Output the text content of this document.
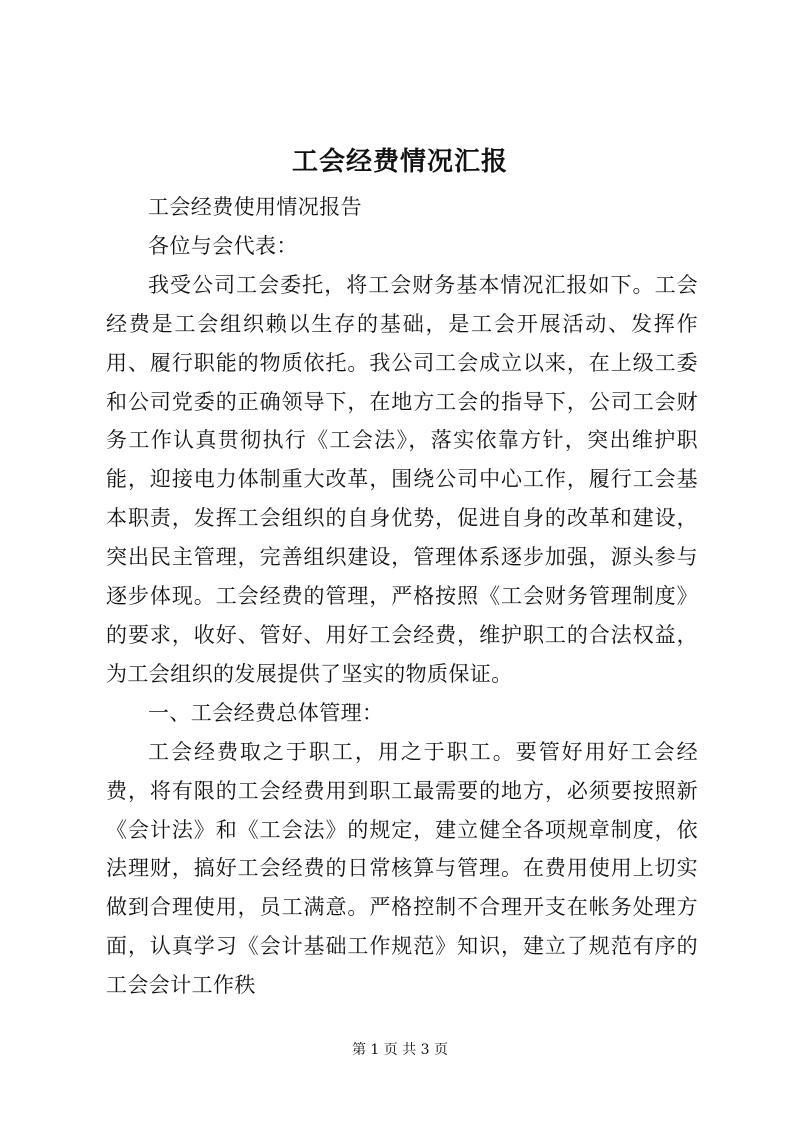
工会经费情况汇报

工会经费使用情况报告

各位与会代表：

我受公司工会委托，将工会财务基本情况汇报如下。工会经费是工会组织赖以生存的基础，是工会开展活动、发挥作用、履行职能的物质依托。我公司工会成立以来，在上级工委和公司党委的正确领导下，在地方工会的指导下，公司工会财务工作认真贯彻执行《工会法》，落实依靠方针，突出维护职能，迎接电力体制重大改革，围绕公司中心工作，履行工会基本职责，发挥工会组织的自身优势，促进自身的改革和建设，突出民主管理，完善组织建设，管理体系逐步加强，源头参与逐步体现。工会经费的管理，严格按照《工会财务管理制度》的要求，收好、管好、用好工会经费，维护职工的合法权益，为工会组织的发展提供了坚实的物质保证。

一、工会经费总体管理：

工会经费取之于职工，用之于职工。要管好用好工会经费，将有限的工会经费用到职工最需要的地方，必须要按照新《会计法》和《工会法》的规定，建立健全各项规章制度，依法理财，搞好工会经费的日常核算与管理。在费用使用上切实做到合理使用，员工满意。严格控制不合理开支在帐务处理方面，认真学习《会计基础工作规范》知识，建立了规范有序的工会会计工作秩

第 1 页 共 3 页
